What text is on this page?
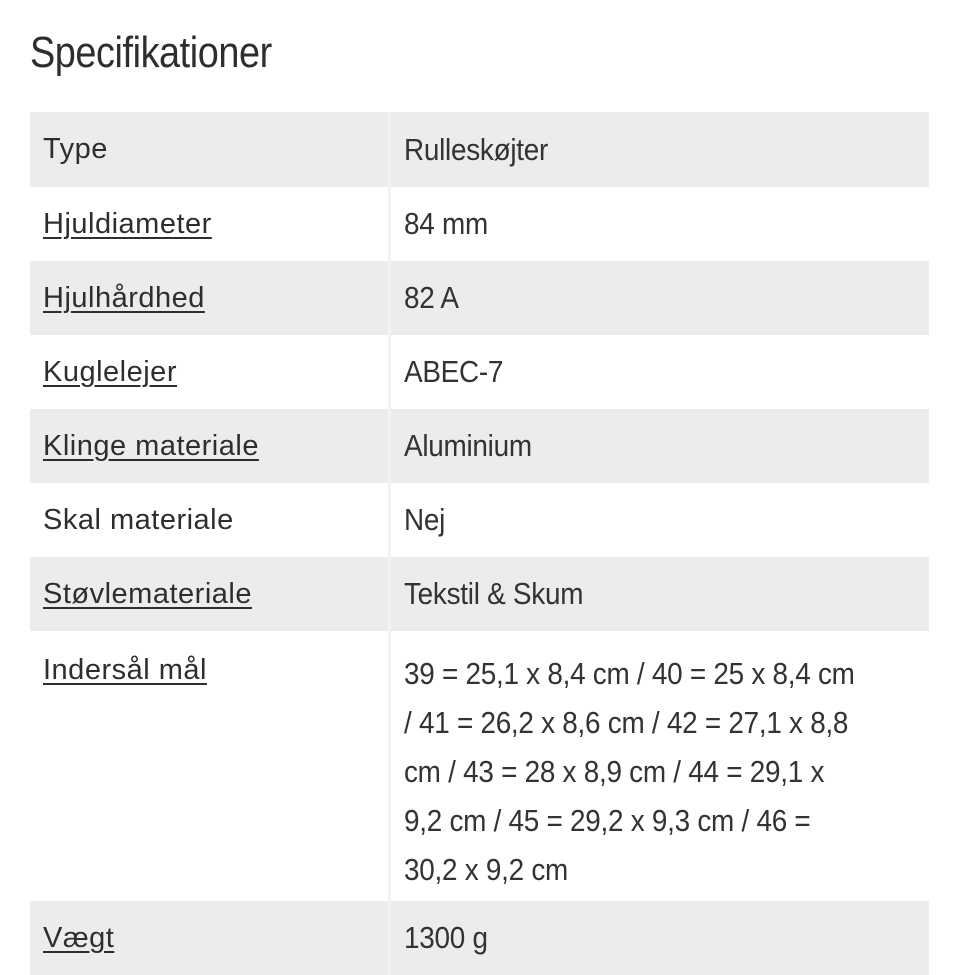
Specifikationer
Type	Rulleskøjter
Hjuldiameter	84 mm
Hjulhårdhed	82 A
Kuglelejer	ABEC-7
Klinge materiale	Aluminium
Skal materiale	Nej
Støvlemateriale	Tekstil & Skum
Indersål mål	39 = 25,1 x 8,4 cm / 40 = 25 x 8,4 cm / 41 = 26,2 x 8,6 cm / 42 = 27,1 x 8,8 cm / 43 = 28 x 8,9 cm / 44 = 29,1 x 9,2 cm / 45 = 29,2 x 9,3 cm / 46 = 30,2 x 9,2 cm
Vægt	1300 g
